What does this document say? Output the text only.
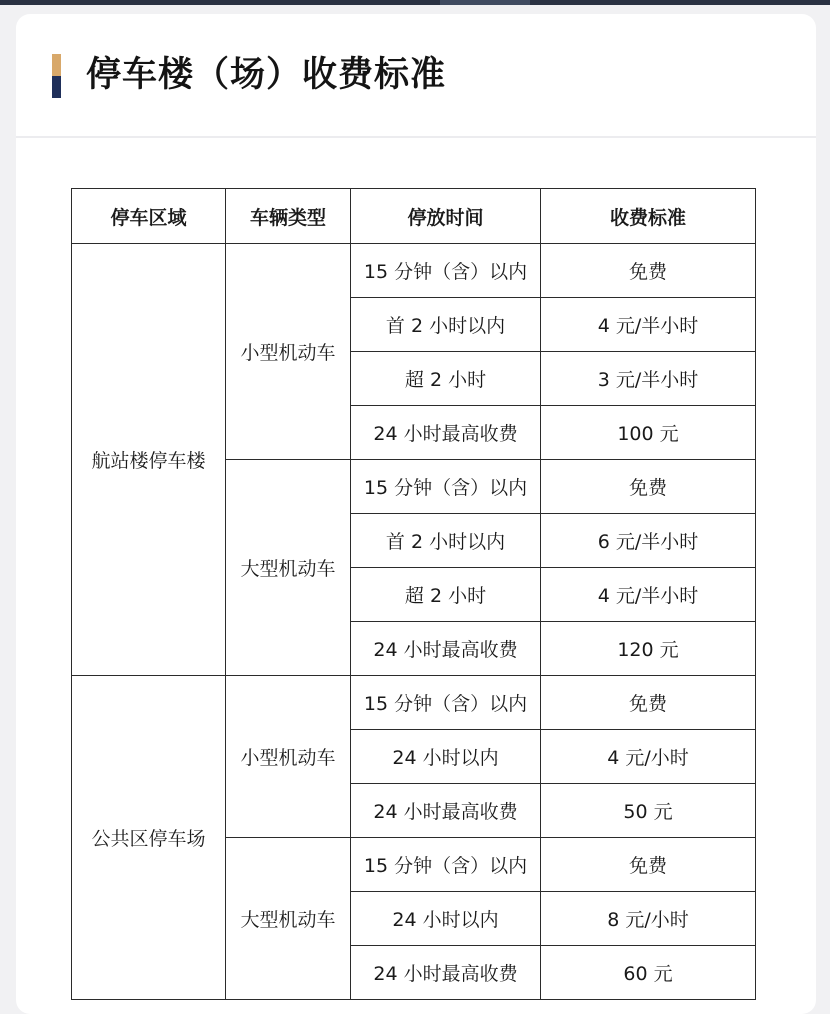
停车楼（场）收费标准
停车区域	车辆类型	停放时间	收费标准
航站楼停车楼	小型机动车	15 分钟（含）以内	免费
		首 2 小时以内	4 元/半小时
		超 2 小时	3 元/半小时
		24 小时最高收费	100 元
	大型机动车	15 分钟（含）以内	免费
		首 2 小时以内	6 元/半小时
		超 2 小时	4 元/半小时
		24 小时最高收费	120 元
公共区停车场	小型机动车	15 分钟（含）以内	免费
		24 小时以内	4 元/小时
		24 小时最高收费	50 元
	大型机动车	15 分钟（含）以内	免费
		24 小时以内	8 元/小时
		24 小时最高收费	60 元
